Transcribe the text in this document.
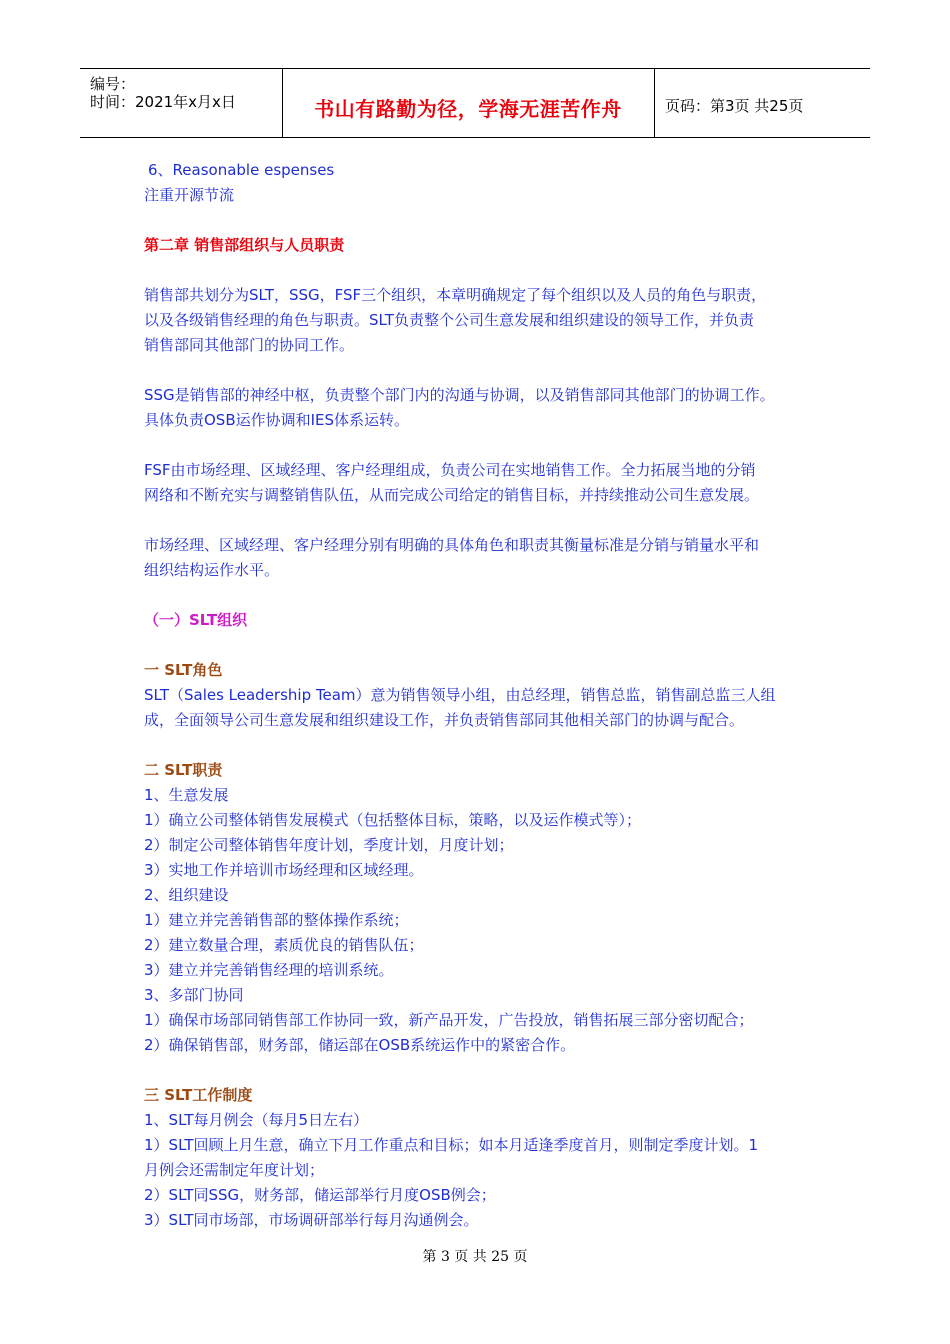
编号：
时间：2021年x月x日	书山有路勤为径，学海无涯苦作舟	页码：第3页 共25页

6、Reasonable espenses

注重开源节流

第二章 销售部组织与人员职责

销售部共划分为SLT，SSG，FSF三个组织，本章明确规定了每个组织以及人员的角色与职责，

以及各级销售经理的角色与职责。SLT负责整个公司生意发展和组织建设的领导工作，并负责

销售部同其他部门的协同工作。

SSG是销售部的神经中枢，负责整个部门内的沟通与协调，以及销售部同其他部门的协调工作。

具体负责OSB运作协调和IES体系运转。

FSF由市场经理、区域经理、客户经理组成，负责公司在实地销售工作。全力拓展当地的分销

网络和不断充实与调整销售队伍，从而完成公司给定的销售目标，并持续推动公司生意发展。

市场经理、区域经理、客户经理分别有明确的具体角色和职责其衡量标准是分销与销量水平和

组织结构运作水平。

（一）SLT组织

一 SLT角色

SLT（Sales Leadership Team）意为销售领导小组，由总经理，销售总监，销售副总监三人组

成，全面领导公司生意发展和组织建设工作，并负责销售部同其他相关部门的协调与配合。

二 SLT职责

1、生意发展

1）确立公司整体销售发展模式（包括整体目标，策略，以及运作模式等）；

2）制定公司整体销售年度计划，季度计划，月度计划；

3）实地工作并培训市场经理和区域经理。

2、组织建设

1）建立并完善销售部的整体操作系统；

2）建立数量合理，素质优良的销售队伍；

3）建立并完善销售经理的培训系统。

3、多部门协同

1）确保市场部同销售部工作协同一致，新产品开发，广告投放，销售拓展三部分密切配合；

2）确保销售部，财务部，储运部在OSB系统运作中的紧密合作。

三 SLT工作制度

1、SLT每月例会（每月5日左右）

1）SLT回顾上月生意，确立下月工作重点和目标；如本月适逢季度首月，则制定季度计划。1

月例会还需制定年度计划；

2）SLT同SSG，财务部，储运部举行月度OSB例会；

3）SLT同市场部，市场调研部举行每月沟通例会。

第 3 页 共 25 页
